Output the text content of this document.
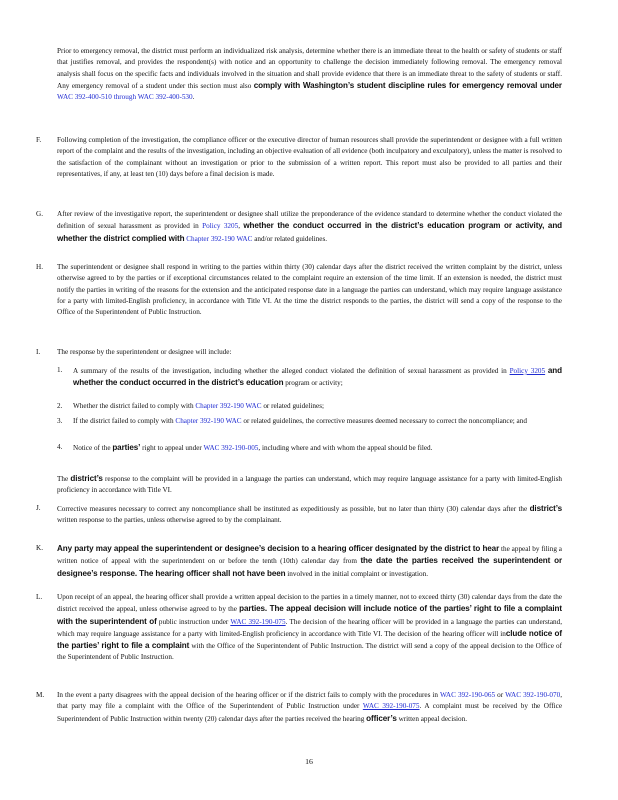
Prior to emergency removal, the district must perform an individualized risk analysis, determine whether there is an immediate threat to the health or safety of students or staff that justifies removal, and provides the respondent(s) with notice and an opportunity to challenge the decision immediately following removal. The emergency removal analysis shall focus on the specific facts and individuals involved in the situation and shall provide evidence that there is an immediate threat to the safety of students or staff. Any emergency removal of a student under this section must also comply with Washington’s student discipline rules for emergency removal under WAC 392-400-510 through WAC 392-400-530.
F. Following completion of the investigation, the compliance officer or the executive director of human resources shall provide the superintendent or designee with a full written report of the complaint and the results of the investigation, including an objective evaluation of all evidence (both inculpatory and exculpatory), unless the matter is resolved to the satisfaction of the complainant without an investigation or prior to the submission of a written report. This report must also be provided to all parties and their representatives, if any, at least ten (10) days before a final decision is made.
G. After review of the investigative report, the superintendent or designee shall utilize the preponderance of the evidence standard to determine whether the conduct violated the definition of sexual harassment as provided in Policy 3205, whether the conduct occurred in the district’s education program or activity, and whether the district complied with Chapter 392-190 WAC and/or related guidelines.
H. The superintendent or designee shall respond in writing to the parties within thirty (30) calendar days after the district received the written complaint by the district, unless otherwise agreed to by the parties or if exceptional circumstances related to the complaint require an extension of the time limit. If an extension is needed, the district must notify the parties in writing of the reasons for the extension and the anticipated response date in a language the parties can understand, which may require language assistance for a party with limited-English proficiency, in accordance with Title VI. At the time the district responds to the parties, the district will send a copy of the response to the Office of the Superintendent of Public Instruction.
I. The response by the superintendent or designee will include:
1. A summary of the results of the investigation, including whether the alleged conduct violated the definition of sexual harassment as provided in Policy 3205 and whether the conduct occurred in the district’s education program or activity;
2. Whether the district failed to comply with Chapter 392-190 WAC or related guidelines;
3. If the district failed to comply with Chapter 392-190 WAC or related guidelines, the corrective measures deemed necessary to correct the noncompliance; and
4. Notice of the parties’ right to appeal under WAC 392-190-005, including where and with whom the appeal should be filed.
The district’s response to the complaint will be provided in a language the parties can understand, which may require language assistance for a party with limited-English proficiency in accordance with Title VI.
J. Corrective measures necessary to correct any noncompliance shall be instituted as expeditiously as possible, but no later than thirty (30) calendar days after the district’s written response to the parties, unless otherwise agreed to by the complainant.
K. Any party may appeal the superintendent or designee’s decision to a hearing officer designated by the district to hear the appeal by filing a written notice of appeal with the superintendent on or before the tenth (10th) calendar day from the date the parties received the superintendent or designee’s response. The hearing officer shall not have been involved in the initial complaint or investigation.
L. Upon receipt of an appeal, the hearing officer shall provide a written appeal decision to the parties in a timely manner, not to exceed thirty (30) calendar days from the date the district received the appeal, unless otherwise agreed to by the parties. The appeal decision will include notice of the parties’ right to file a complaint with the superintendent of public instruction under WAC 392-190-075. The decision of the hearing officer will be provided in a language the parties can understand, which may require language assistance for a party with limited-English proficiency in accordance with Title VI. The decision of the hearing officer will include notice of the parties’ right to file a complaint with the Office of the Superintendent of Public Instruction. The district will send a copy of the appeal decision to the Office of the Superintendent of Public Instruction.
M. In the event a party disagrees with the appeal decision of the hearing officer or if the district fails to comply with the procedures in WAC 392-190-065 or WAC 392-190-070, that party may file a complaint with the Office of the Superintendent of Public Instruction under WAC 392-190-075. A complaint must be received by the Office Superintendent of Public Instruction within twenty (20) calendar days after the parties received the hearing officer’s written appeal decision.
16
